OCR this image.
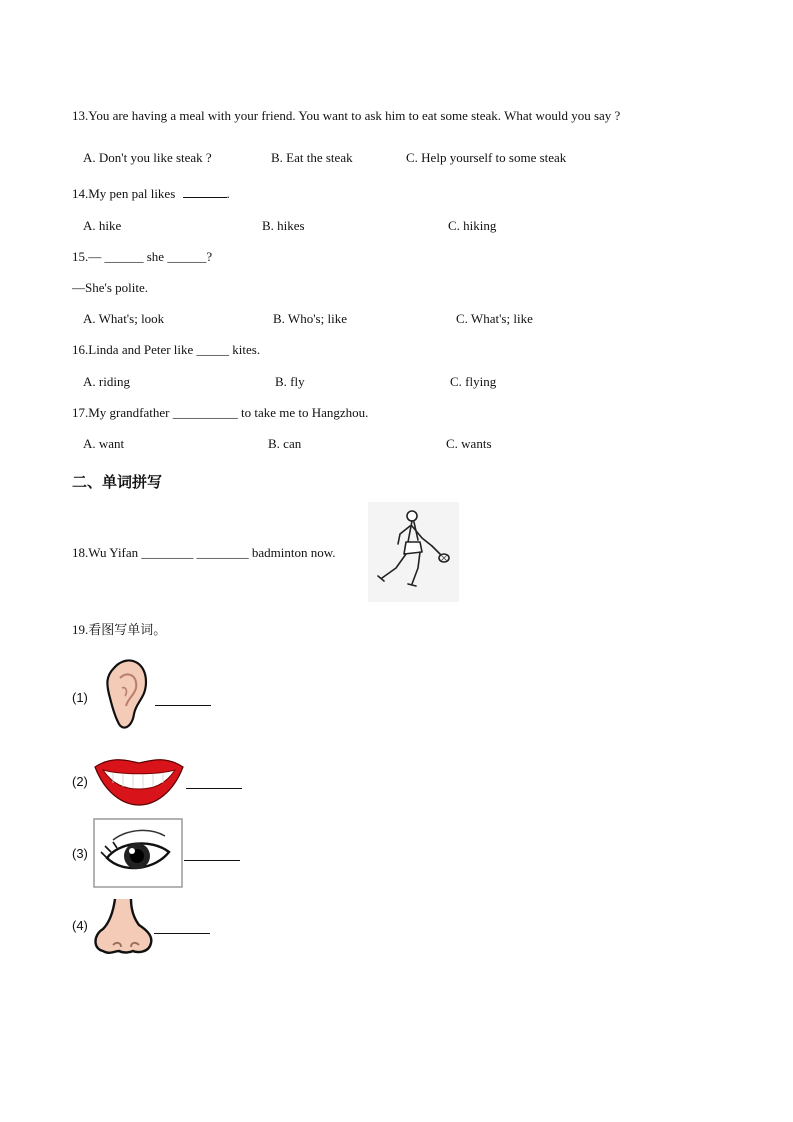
13.You are having a meal with your friend. You want to ask him to eat some steak. What would you say ?
A. Don't you like steak ?	B. Eat the steak	C. Help yourself to some steak
14.My pen pal likes	.
A. hike	B. hikes	C. hiking
15.— ______ she ______?
—She's polite.
A. What's; look	B. Who's; like	C. What's; like
16.Linda and Peter like _____ kites.
A. riding	B. fly	C. flying
17.My grandfather __________ to take me to Hangzhou.
A. want	B. can	C. wants
二、单词拼写
18.Wu Yifan ________ ________ badminton now.
19.看图写单词。
(1)
(2)
(3)
(4)
